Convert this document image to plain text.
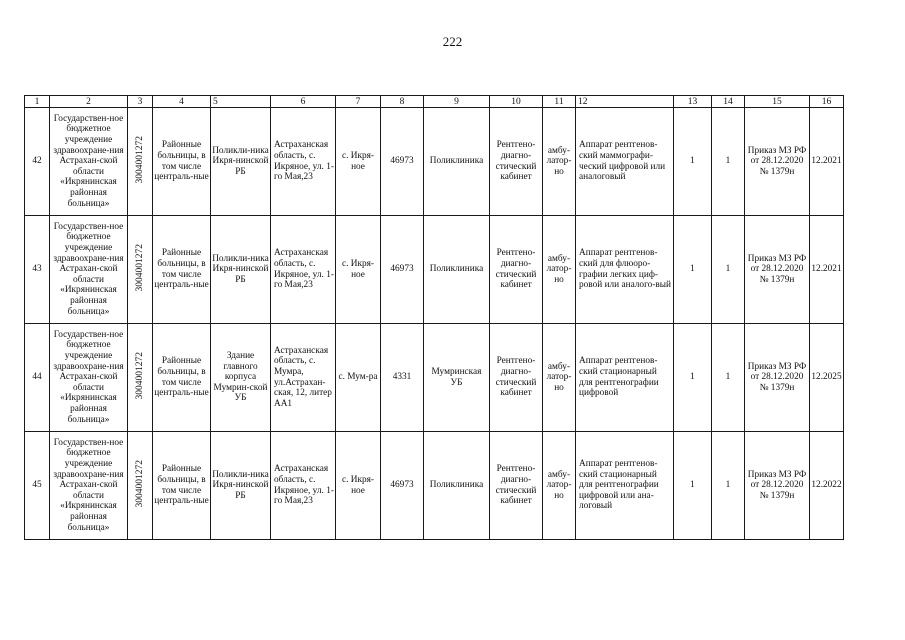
222
1	2	3	4	5	6	7	8	9	10	11	12	13	14	15	16
42	Государствен-ное бюджетное учреждение здравоохране-ния Астрахан-ской области «Икрянинская районная больница»	3004001272	Районные больницы, в том числе централь-ные	Поликли-ника Икря-нинской РБ	Астраханская область, с. Икряное, ул. 1-го Мая,23	с. Икря-ное	46973	Поликлиника	Рентгено-диагно-стический кабинет	амбу-латор-но	Аппарат рентгенов-ский маммографи-ческий цифровой или аналоговый	1	1	Приказ МЗ РФ от 28.12.2020 № 1379н	12.2021
43	Государствен-ное бюджетное учреждение здравоохране-ния Астрахан-ской области «Икрянинская районная больница»	3004001272	Районные больницы, в том числе централь-ные	Поликли-ника Икря-нинской РБ	Астраханская область, с. Икряное, ул. 1-го Мая,23	с. Икря-ное	46973	Поликлиника	Рентгено-диагно-стический кабинет	амбу-латор-но	Аппарат рентгенов-ский для флюоро-графии легких циф-ровой или аналого-вый	1	1	Приказ МЗ РФ от 28.12.2020 № 1379н	12.2021
44	Государствен-ное бюджетное учреждение здравоохране-ния Астрахан-ской области «Икрянинская районная больница»	3004001272	Районные больницы, в том числе централь-ные	Здание главного корпуса Мумрин-ской УБ	Астраханская область, с. Мумра, ул.Астрахан-ская, 12, литер АА1	с. Мум-ра	4331	Мумринская УБ	Рентгено-диагно-стический кабинет	амбу-латор-но	Аппарат рентгенов-ский стационарный для рентгенографии цифровой	1	1	Приказ МЗ РФ от 28.12.2020 № 1379н	12.2025
45	Государствен-ное бюджетное учреждение здравоохране-ния Астрахан-ской области «Икрянинская районная больница»	3004001272	Районные больницы, в том числе централь-ные	Поликли-ника Икря-нинской РБ	Астраханская область, с. Икряное, ул. 1-го Мая,23	с. Икря-ное	46973	Поликлиника	Рентгено-диагно-стический кабинет	амбу-латор-но	Аппарат рентгенов-ский стационарный для рентгенографии цифровой или ана-логовый	1	1	Приказ МЗ РФ от 28.12.2020 № 1379н	12.2022
